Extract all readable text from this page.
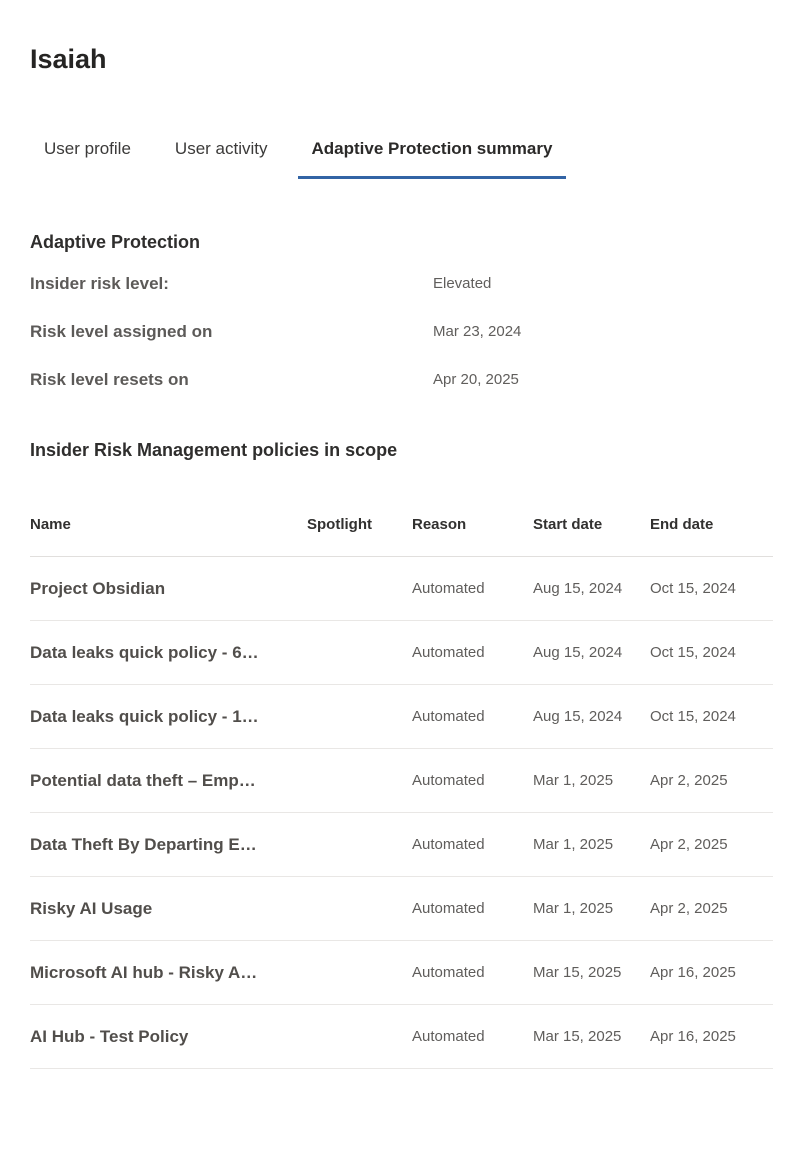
Isaiah
User profile	User activity	Adaptive Protection summary
Adaptive Protection
Insider risk level:	Elevated
Risk level assigned on	Mar 23, 2024
Risk level resets on	Apr 20, 2025
Insider Risk Management policies in scope
Name	Spotlight	Reason	Start date	End date
Project Obsidian		Automated	Aug 15, 2024	Oct 15, 2024
Data leaks quick policy - 6…		Automated	Aug 15, 2024	Oct 15, 2024
Data leaks quick policy - 1…		Automated	Aug 15, 2024	Oct 15, 2024
Potential data theft – Emp…		Automated	Mar 1, 2025	Apr 2, 2025
Data Theft By Departing E…		Automated	Mar 1, 2025	Apr 2, 2025
Risky AI Usage		Automated	Mar 1, 2025	Apr 2, 2025
Microsoft AI hub - Risky A…		Automated	Mar 15, 2025	Apr 16, 2025
AI Hub - Test Policy		Automated	Mar 15, 2025	Apr 16, 2025
